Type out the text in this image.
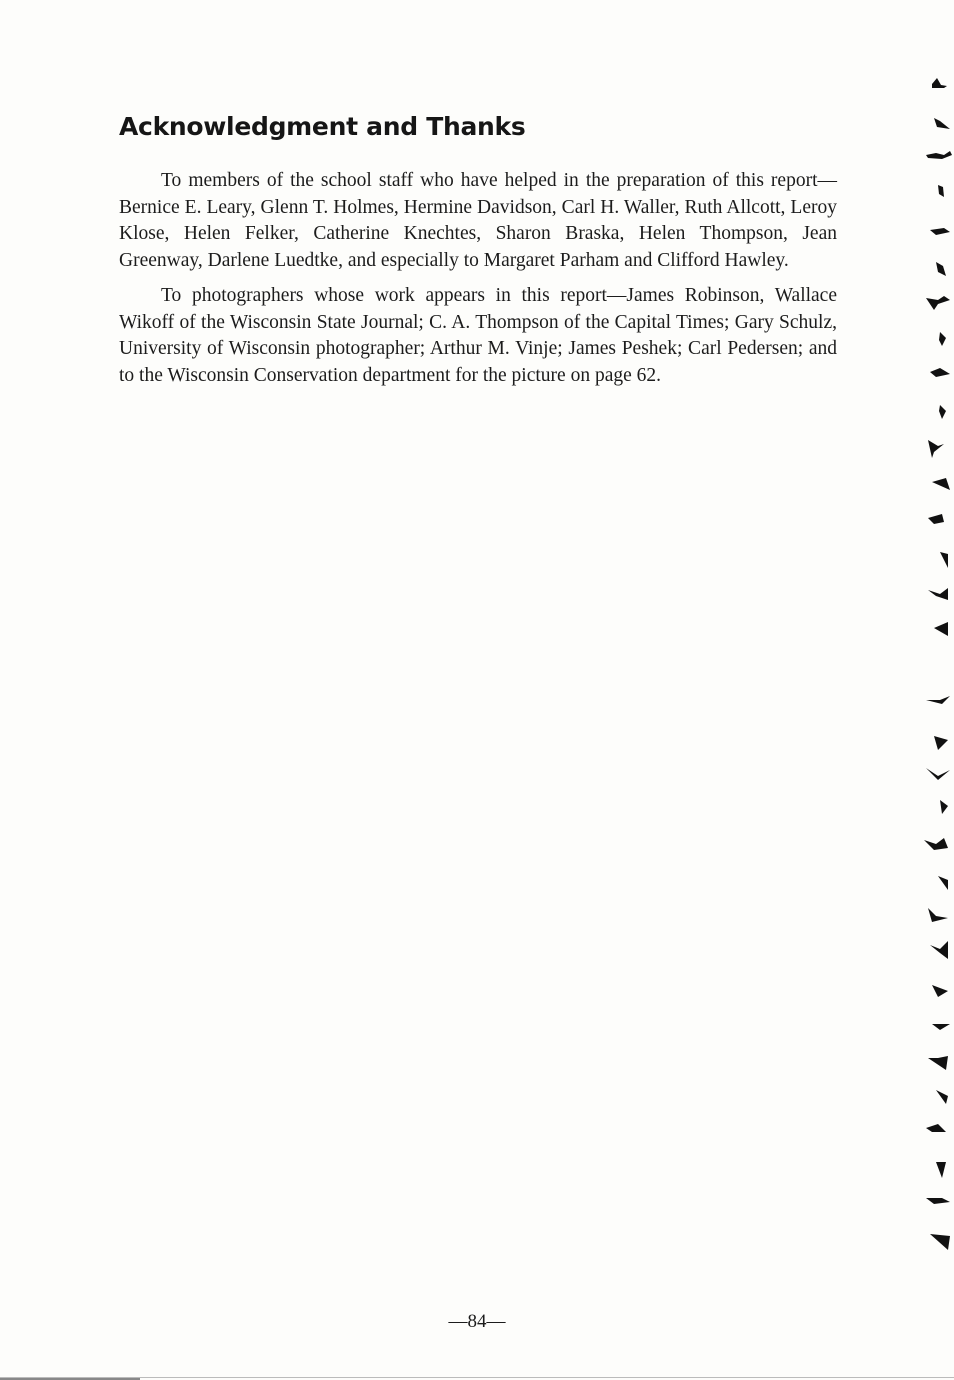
Acknowledgment and Thanks

To members of the school staff who have helped in the preparation of this report—Bernice E. Leary, Glenn T. Holmes, Hermine Davidson, Carl H. Waller, Ruth Allcott, Leroy Klose, Helen Felker, Catherine Knechtes, Sharon Braska, Helen Thompson, Jean Greenway, Darlene Luedtke, and especially to Margaret Parham and Clifford Hawley.

To photographers whose work appears in this report—James Robinson, Wallace Wikoff of the Wisconsin State Journal; C. A. Thompson of the Capital Times; Gary Schulz, University of Wisconsin photographer; Arthur M. Vinje; James Peshek; Carl Pedersen; and to the Wisconsin Conservation department for the picture on page 62.

—84—
